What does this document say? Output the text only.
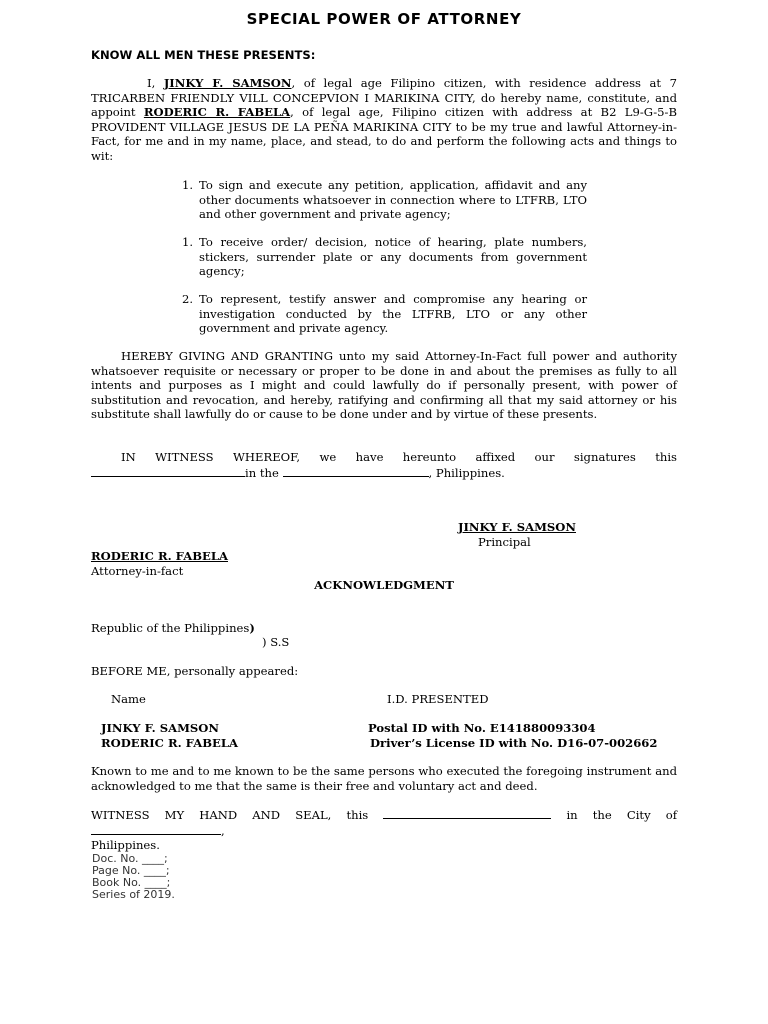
SPECIAL POWER OF ATTORNEY
KNOW ALL MEN THESE PRESENTS:

I, JINKY F. SAMSON, of legal age Filipino citizen, with residence address at 7 TRICARBEN FRIENDLY VILL CONCEPVION I MARIKINA CITY, do hereby name, constitute, and appoint RODERIC R. FABELA, of legal age, Filipino citizen with address at B2 L9-G-5-B PROVIDENT VILLAGE JESUS DE LA PEÑA MARIKINA CITY to be my true and lawful Attorney-in-Fact, for me and in my name, place, and stead, to do and perform the following acts and things to wit:

1. To sign and execute any petition, application, affidavit and any other documents whatsoever in connection where to LTFRB, LTO and other government and private agency;
1. To receive order/ decision, notice of hearing, plate numbers, stickers, surrender plate or any documents from government agency;
2. To represent, testify answer and compromise any hearing or investigation conducted by the LTFRB, LTO or any other government and private agency.

HEREBY GIVING AND GRANTING unto my said Attorney-In-Fact full power and authority whatsoever requisite or necessary or proper to be done in and about the premises as fully to all intents and purposes as I might and could lawfully do if personally present, with power of substitution and revocation, and hereby, ratifying and confirming all that my said attorney or his substitute shall lawfully do or cause to be done under and by virtue of these presents.

IN WITNESS WHEREOF, we have hereunto affixed our signatures this in the	, Philippines.

JINKY F. SAMSON
Principal
RODERIC R. FABELA
Attorney-in-fact
ACKNOWLEDGMENT
Republic of the Philippines)
) S.S
BEFORE ME, personally appeared:
Name	I.D. PRESENTED
JINKY F. SAMSON	Postal ID with No. E141880093304
RODERIC R. FABELA	Driver’s License ID with No. D16-07-002662

Known to me and to me known to be the same persons who executed the foregoing instrument and acknowledged to me that the same is their free and voluntary act and deed.

WITNESS MY HAND AND SEAL, this	in the City of ,
Philippines.

Doc. No. ____;
Page No. ____;
Book No. ____;
Series of 2019.
